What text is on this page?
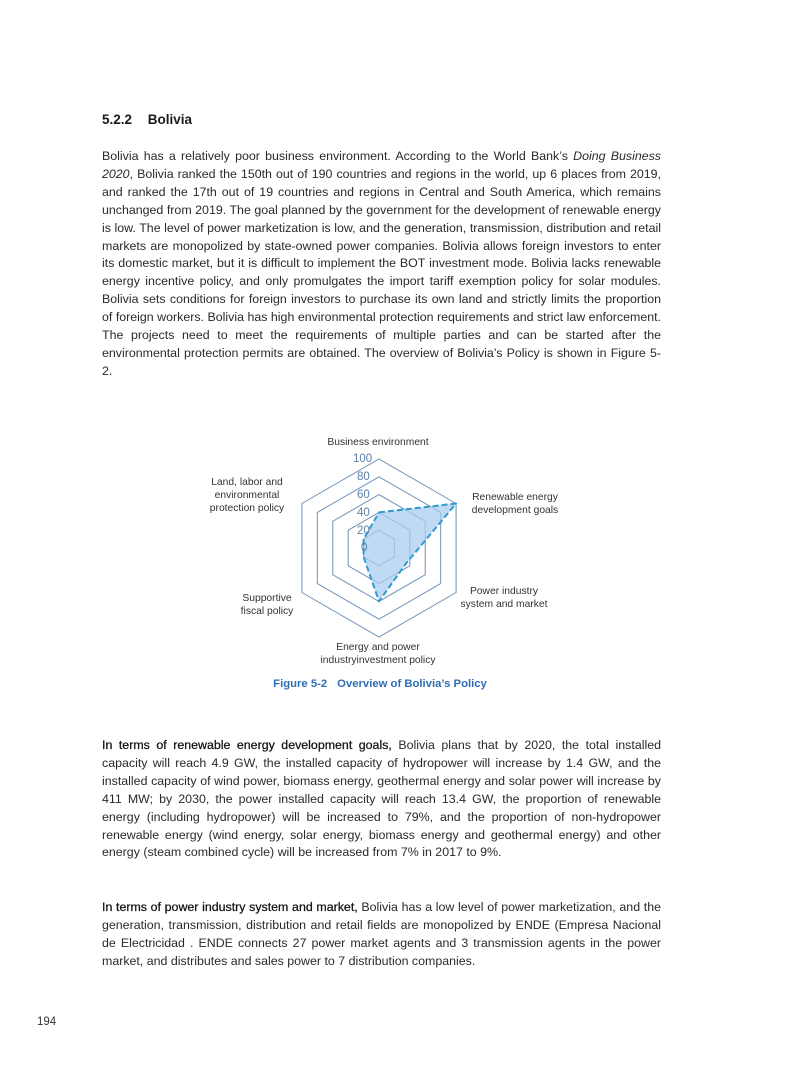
5.2.2 Bolivia
Bolivia has a relatively poor business environment. According to the World Bank’s Doing Business 2020, Bolivia ranked the 150th out of 190 countries and regions in the world, up 6 places from 2019, and ranked the 17th out of 19 countries and regions in Central and South America, which remains unchanged from 2019. The goal planned by the government for the development of renewable energy is low. The level of power marketization is low, and the generation, transmission, distribution and retail markets are monopolized by state-owned power companies. Bolivia allows foreign investors to enter its domestic market, but it is difficult to implement the BOT investment mode. Bolivia lacks renewable energy incentive policy, and only promulgates the import tariff exemption policy for solar modules. Bolivia sets conditions for foreign investors to purchase its own land and strictly limits the proportion of foreign workers. Bolivia has high environmental protection requirements and strict law enforcement. The projects need to meet the requirements of multiple parties and can be started after the environmental protection permits are obtained. The overview of Bolivia’s Policy is shown in Figure 5-2.
Business environment
Renewable energy
development goals
Power industry
system and market
Energy and power
industryinvestment policy
Supportive
fiscal policy
Land, labor and
environmental
protection policy
100
80
60
40
20
0
Figure 5-2 Overview of Bolivia’s Policy
In terms of renewable energy development goals, Bolivia plans that by 2020, the total installed capacity will reach 4.9 GW, the installed capacity of hydropower will increase by 1.4 GW, and the installed capacity of wind power, biomass energy, geothermal energy and solar power will increase by 411 MW; by 2030, the power installed capacity will reach 13.4 GW, the proportion of renewable energy (including hydropower) will be increased to 79%, and the proportion of non-hydropower renewable energy (wind energy, solar energy, biomass energy and geothermal energy) and other energy (steam combined cycle) will be increased from 7% in 2017 to 9%.
In terms of power industry system and market, Bolivia has a low level of power marketization, and the generation, transmission, distribution and retail fields are monopolized by ENDE (Empresa Nacional de Electricidad . ENDE connects 27 power market agents and 3 transmission agents in the power market, and distributes and sales power to 7 distribution companies.
194
